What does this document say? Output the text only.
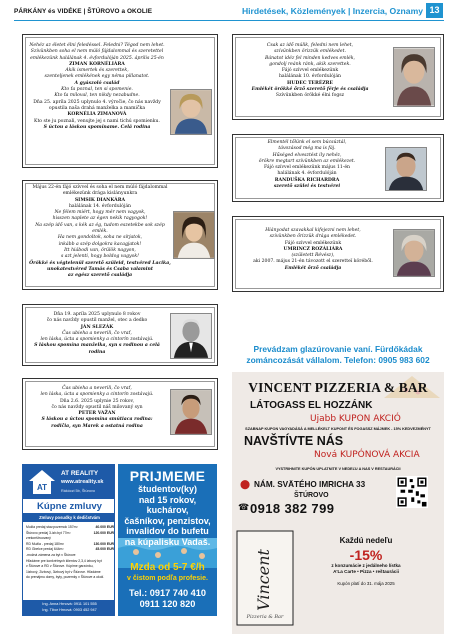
PÁRKÁNY és VIDÉKE | ŠTÚROVO a OKOLIE	Hirdetések, Közlemények | Inzercia, Oznamy 13

Nehéz az életet élni feledéssel. Feledni? Tégod nem lehet.

Szívünkben soha el nem múló fájdalommal és szeretettel

emlékezünk halálának 4. évfordulóján 2025. április 25-én

ZIMAN KORNÉLIÁRA

Akik ismertek és szerettek,

szenteljenek emlékének egy néma pillanatot.

A gyászoló család

Kto ťa poznal, ten si spomenie.

Kto ťa miloval, ten nikdy nezabudne.

Dňa 25. apríla 2025 uplynulo 4. výročie, čo nás navždy

opustila naša drahá manželka a mamička

KORNÉLIA ZIMANOVÁ

Kto ste ju poznali, venujte jej s nami tichú spomienku.

S úctou a láskou spomíname. Celá rodina

Csak az idő múlik, feledni nem lehet,

szívünkben örizzük emlékedet.

Bánatot idéz fel minden kedves emlék,

gondolj reánk ránk, akik szerettek.

Fájó szívvel emlékezünk

halálának 10. évfordulóján

HUDEC TERÉZRE

Emlékét örökké őrző szerető férje és családja

Szívünkben örökké élni fogsz

Május 22-én fájó szívvel és soha el nem múló fájdalommal

emlékezünk drága kislányunkra

SIMSIK DIANKÁRA

halálának 14. évfordulóján

Ne félem miért, hogy mér nem vagyok,

hisszen naplete az égen nekik ragyogok!

Na szép idő van, s kék az ég, tudom eszetekbe sok szép emlék.

Ha nem gondoltok, soha ne sírjatok,

inkább a szép dolgokra kacagjatok!

Itt hiábodi van, örülök nagyon,

s azt jelenti, hogy boldog vagyok!

Örökké és végtelenül szerető szüleid, testvéred Lacika,

unokatestvéred Tamás és Csaba valamint

az egész szerető családja

Elmentél tőlünk el sem búcsúztál,

távozásod még ma is fáj.

Hűséged elvesztést ily nehéz,

örökre megtart szívünkben az emlékezet.

Fájó szívvel emlékezünk május 11-én

halálának 4. évfordulóján

RANDUŠKA RICHARDRA

szerető szülei és testvérei

Hiányodat szavakkal kifejezni nem lehet,

szívünkben őrizzük drága emlékedet.

Fájó szívvel emlékezünk

UMRINCZ ROZÁLIÁRA

(született Révész),

aki 2007. május 21-én távozott el szeretteï köréből.

Emlékét őrző családja

Dňa 19. apríla 2025 uplynulo 8 rokov

čo nás navždy opustil manžel, otec a dedko

JÁN SLEZÁK

Čas ubieha a neverili, čo vrať,

len láska, úcta a spomienky a cintorín zostávajú.

S láskou spomína manželka, syn s rodinou a celá rodina

Čas ubieha a neverili, čo vrať,

len láska, úcta a spomienky a cintorín zostávajú.

Dňa 2.6. 2025 uplynie 25 rokov,

čo nás navždy opustil náš milovaný syn

PETER VAŽAN

S láskou a úctou spomína smútiaca rodina:

rodičia, syn Marek a ostatná rodina

Prevádzam glazúrovanie vaní. Fürdőkádak
zománcozását vállalom. Telefon: 0905 983 602
VINCENT PIZZERIA & BAR
LÁTOGASS EL HOZZÁNK
Ujabb KUPON AKCIÓ
SZABNAP KUPON VAGYADÁSÁ A MELLÉKELT KUPONT ÉS FOGASSZ MÁJMEK - 15% KEDVEZMÉNYT
NAVŠTÍVTE NÁS
Nová KUPÓNOVÁ AKCIA
VYSTRIHNITE KUPÓN UPLATNITE V NEDEĽU A NAS V RESTAURÁCII
⬤ NÁM. SVÄTÉHO IMRICHA 33
ŠTÚROVO
☎ 0918 382 799
Vincent
Pizzeria & Bar
Každú nedeľu
-15%
z konzumácie z jedálneho lístka
A'La Carte • Pizza • reštaurácii
Kupón platí do 31. mája 2025
AT
AT REALITY
www.atreality.sk
Rákóczi 5b, Štúrovo
Kúpne zmluvy
Zmluvy posudky k dedičstvám
Mužla predaj stav.pozemok 157m²	40.000 EUR
Štúrovo predaj 3-izb.byt 77m²	120.000 EUR
zrekonštruovaný
RD Mužla - predaj 180m²	130.000 EUR
RD Gbelce predaj 644m²	45.000 EUR
-možná zámena za byt v Štúrove
Hľadáme pre konkrétnych klientov 2,3,4 izbový byt
v Štúrove a RD v Štúrove. Kúpime garzónku,
1izbový, 2izbový, 3izbový byt v Štúrove. Hľadáme
do prenájmu domy, byty, pozemky v Štúrove a okolí.
Ing. Anna Hrnová: 0911 101 555
Ing. Tibor Hrnová: 0903 452 947
PRIJMEME
študentov(ky)
nad 15 rokov, kuchárov,
čašníkov, penzistov,
invalidov do bufetu
na kúpalisku Vadaš.
Mzda od 5-7 €/h
v čistom podľa profesie.
Tel.: 0917 740 410
0911 120 820
